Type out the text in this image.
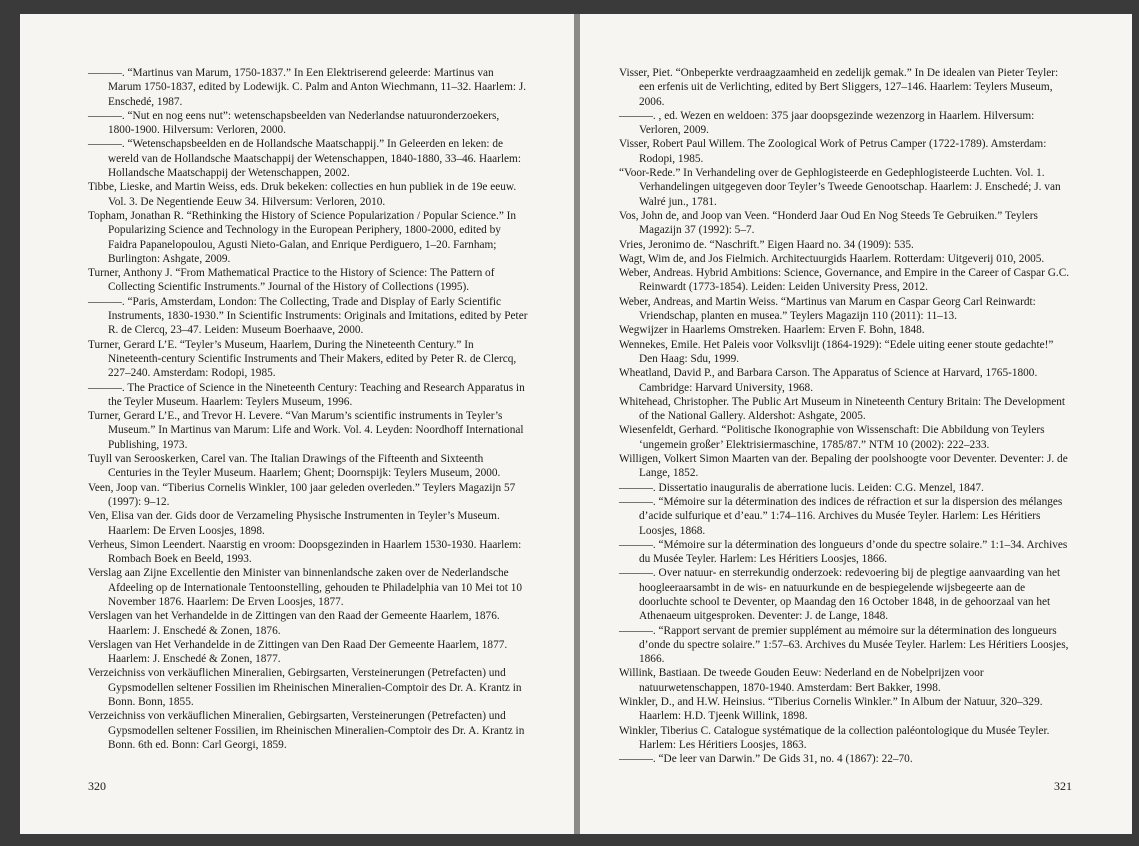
———. “Martinus van Marum, 1750-1837.” In Een Elektriserend geleerde: Martinus van Marum 1750-1837, edited by Lodewijk. C. Palm and Anton Wiechmann, 11–32. Haarlem: J. Enschedé, 1987.
———. “Nut en nog eens nut”: wetenschapsbeelden van Nederlandse natuuronderzoekers, 1800-1900. Hilversum: Verloren, 2000.
———. “Wetenschapsbeelden en de Hollandsche Maatschappij.” In Geleerden en leken: de wereld van de Hollandsche Maatschappij der Wetenschappen, 1840-1880, 33–46. Haarlem: Hollandsche Maatschappij der Wetenschappen, 2002.
Tibbe, Lieske, and Martin Weiss, eds. Druk bekeken: collecties en hun publiek in de 19e eeuw. Vol. 3. De Negentiende Eeuw 34. Hilversum: Verloren, 2010.
Topham, Jonathan R. “Rethinking the History of Science Popularization / Popular Science.” In Popularizing Science and Technology in the European Periphery, 1800-2000, edited by Faidra Papanelopoulou, Agusti Nieto-Galan, and Enrique Perdiguero, 1–20. Farnham; Burlington: Ashgate, 2009.
Turner, Anthony J. “From Mathematical Practice to the History of Science: The Pattern of Collecting Scientific Instruments.” Journal of the History of Collections (1995).
———. “Paris, Amsterdam, London: The Collecting, Trade and Display of Early Scientific Instruments, 1830-1930.” In Scientific Instruments: Originals and Imitations, edited by Peter R. de Clercq, 23–47. Leiden: Museum Boerhaave, 2000.
Turner, Gerard L’E. “Teyler’s Museum, Haarlem, During the Nineteenth Century.” In Nineteenth-century Scientific Instruments and Their Makers, edited by Peter R. de Clercq, 227–240. Amsterdam: Rodopi, 1985.
———. The Practice of Science in the Nineteenth Century: Teaching and Research Apparatus in the Teyler Museum. Haarlem: Teylers Museum, 1996.
Turner, Gerard L’E., and Trevor H. Levere. “Van Marum’s scientific instruments in Teyler’s Museum.” In Martinus van Marum: Life and Work. Vol. 4. Leyden: Noordhoff International Publishing, 1973.
Tuyll van Serooskerken, Carel van. The Italian Drawings of the Fifteenth and Sixteenth Centuries in the Teyler Museum. Haarlem; Ghent; Doornspijk: Teylers Museum, 2000.
Veen, Joop van. “Tiberius Cornelis Winkler, 100 jaar geleden overleden.” Teylers Magazijn 57 (1997): 9–12.
Ven, Elisa van der. Gids door de Verzameling Physische Instrumenten in Teyler’s Museum. Haarlem: De Erven Loosjes, 1898.
Verheus, Simon Leendert. Naarstig en vroom: Doopsgezinden in Haarlem 1530-1930. Haarlem: Rombach Boek en Beeld, 1993.
Verslag aan Zijne Excellentie den Minister van binnenlandsche zaken over de Nederlandsche Afdeeling op de Internationale Tentoonstelling, gehouden te Philadelphia van 10 Mei tot 10 November 1876. Haarlem: De Erven Loosjes, 1877.
Verslagen van het Verhandelde in de Zittingen van den Raad der Gemeente Haarlem, 1876. Haarlem: J. Enschedé & Zonen, 1876.
Verslagen van Het Verhandelde in de Zittingen van Den Raad Der Gemeente Haarlem, 1877. Haarlem: J. Enschedé & Zonen, 1877.
Verzeichniss von verkäuflichen Mineralien, Gebirgsarten, Versteinerungen (Petrefacten) und Gypsmodellen seltener Fossilien im Rheinischen Mineralien-Comptoir des Dr. A. Krantz in Bonn. Bonn, 1855.
Verzeichniss von verkäuflichen Mineralien, Gebirgsarten, Versteinerungen (Petrefacten) und Gypsmodellen seltener Fossilien, im Rheinischen Mineralien-Comptoir des Dr. A. Krantz in Bonn. 6th ed. Bonn: Carl Georgi, 1859.
320
Visser, Piet. “Onbeperkte verdraagzaamheid en zedelijk gemak.” In De idealen van Pieter Teyler: een erfenis uit de Verlichting, edited by Bert Sliggers, 127–146. Haarlem: Teylers Museum, 2006.
———. , ed. Wezen en weldoen: 375 jaar doopsgezinde wezenzorg in Haarlem. Hilversum: Verloren, 2009.
Visser, Robert Paul Willem. The Zoological Work of Petrus Camper (1722-1789). Amsterdam: Rodopi, 1985.
“Voor-Rede.” In Verhandeling over de Gephlogisteerde en Gedephlogisteerde Luchten. Vol. 1. Verhandelingen uitgegeven door Teyler’s Tweede Genootschap. Haarlem: J. Enschedé; J. van Walré jun., 1781.
Vos, John de, and Joop van Veen. “Honderd Jaar Oud En Nog Steeds Te Gebruiken.” Teylers Magazijn 37 (1992): 5–7.
Vries, Jeronimo de. “Naschrift.” Eigen Haard no. 34 (1909): 535.
Wagt, Wim de, and Jos Fielmich. Architectuurgids Haarlem. Rotterdam: Uitgeverij 010, 2005.
Weber, Andreas. Hybrid Ambitions: Science, Governance, and Empire in the Career of Caspar G.C. Reinwardt (1773-1854). Leiden: Leiden University Press, 2012.
Weber, Andreas, and Martin Weiss. “Martinus van Marum en Caspar Georg Carl Reinwardt: Vriendschap, planten en musea.” Teylers Magazijn 110 (2011): 11–13.
Wegwijzer in Haarlems Omstreken. Haarlem: Erven F. Bohn, 1848.
Wennekes, Emile. Het Paleis voor Volksvlijt (1864-1929): “Edele uiting eener stoute gedachte!” Den Haag: Sdu, 1999.
Wheatland, David P., and Barbara Carson. The Apparatus of Science at Harvard, 1765-1800. Cambridge: Harvard University, 1968.
Whitehead, Christopher. The Public Art Museum in Nineteenth Century Britain: The Development of the National Gallery. Aldershot: Ashgate, 2005.
Wiesenfeldt, Gerhard. “Politische Ikonographie von Wissenschaft: Die Abbildung von Teylers ‘ungemein großer’ Elektrisiermaschine, 1785/87.” NTM 10 (2002): 222–233.
Willigen, Volkert Simon Maarten van der. Bepaling der poolshoogte voor Deventer. Deventer: J. de Lange, 1852.
———. Dissertatio inauguralis de aberratione lucis. Leiden: C.G. Menzel, 1847.
———. “Mémoire sur la détermination des indices de réfraction et sur la dispersion des mélanges d’acide sulfurique et d’eau.” 1:74–116. Archives du Musée Teyler. Harlem: Les Héritiers Loosjes, 1868.
———. “Mémoire sur la détermination des longueurs d’onde du spectre solaire.” 1:1–34. Archives du Musée Teyler. Harlem: Les Héritiers Loosjes, 1866.
———. Over natuur- en sterrekundig onderzoek: redevoering bij de plegtige aanvaarding van het hoogleeraarsambt in de wis- en natuurkunde en de bespiegelende wijsbegeerte aan de doorluchte school te Deventer, op Maandag den 16 October 1848, in de gehoorzaal van het Athenaeum uitgesproken. Deventer: J. de Lange, 1848.
———. “Rapport servant de premier supplément au mémoire sur la détermination des longueurs d’onde du spectre solaire.” 1:57–63. Archives du Musée Teyler. Harlem: Les Héritiers Loosjes, 1866.
Willink, Bastiaan. De tweede Gouden Eeuw: Nederland en de Nobelprijzen voor natuurwetenschappen, 1870-1940. Amsterdam: Bert Bakker, 1998.
Winkler, D., and H.W. Heinsius. “Tiberius Cornelis Winkler.” In Album der Natuur, 320–329. Haarlem: H.D. Tjeenk Willink, 1898.
Winkler, Tiberius C. Catalogue systématique de la collection paléontologique du Musée Teyler. Harlem: Les Héritiers Loosjes, 1863.
———. “De leer van Darwin.” De Gids 31, no. 4 (1867): 22–70.
321
